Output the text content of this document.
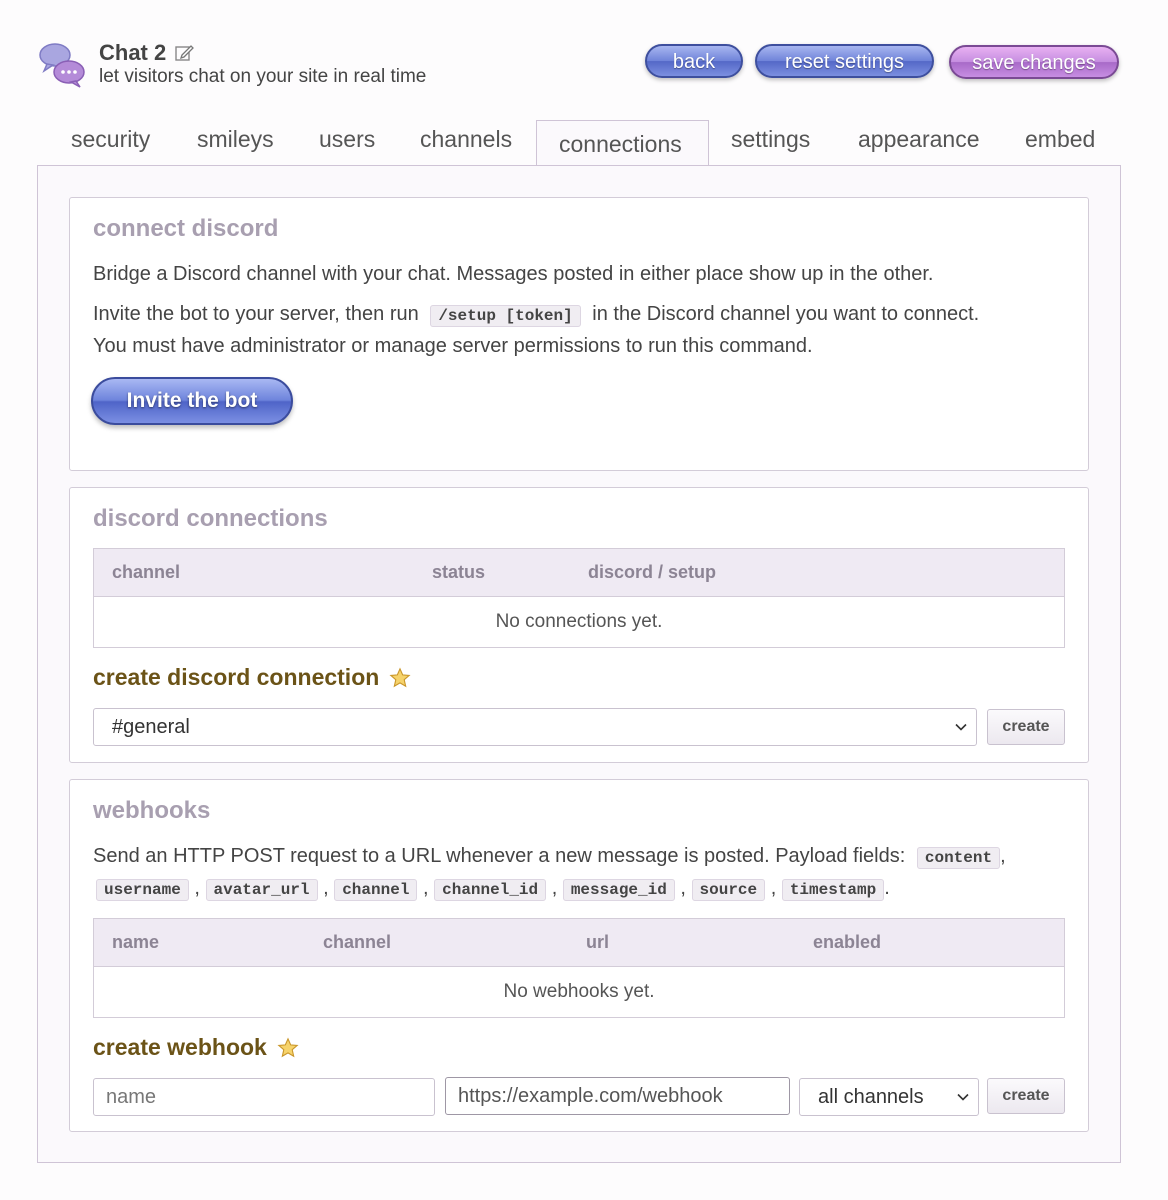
Chat 2
let visitors chat on your site in real time
back	reset settings	save changes
security smileys users channels	connections	settings appearance embed
connect discord
Bridge a Discord channel with your chat. Messages posted in either place show up in the other.
Invite the bot to your server, then run /setup [token] in the Discord channel you want to connect.
You must have administrator or manage server permissions to run this command.
Invite the bot
discord connections
channel	status	discord / setup
No connections yet.
create discord connection
#general	create
webhooks
Send an HTTP POST request to a URL whenever a new message is posted. Payload fields: content ,
username , avatar_url , channel , channel_id , message_id , source , timestamp .
name	channel	url	enabled
No webhooks yet.
create webhook
name	https://example.com/webhook	all channels	create
